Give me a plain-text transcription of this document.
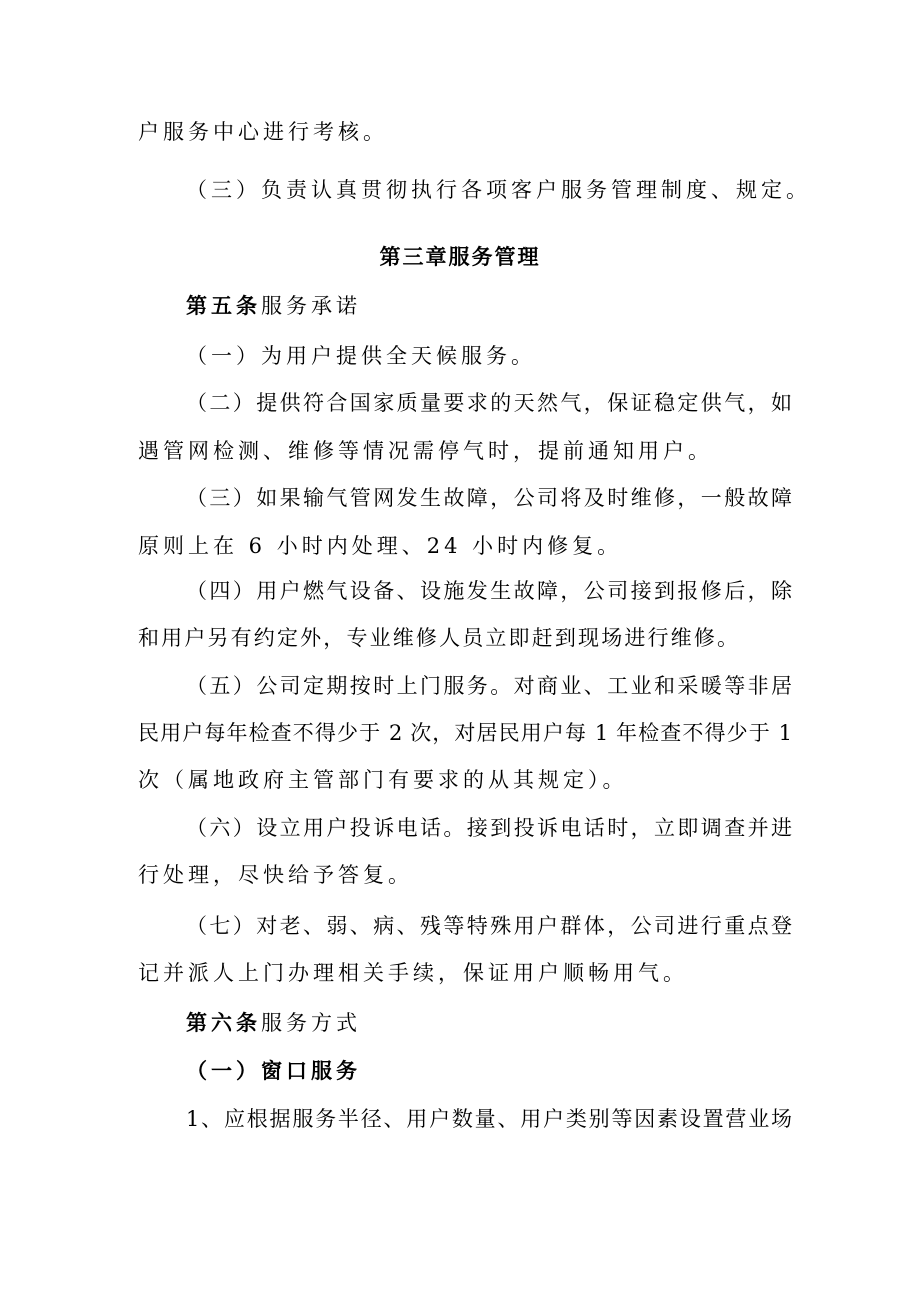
户服务中心进行考核。
（三）负责认真贯彻执行各项客户服务管理制度、规定。
第三章服务管理
第五条服务承诺
（一）为用户提供全天候服务。
（二）提供符合国家质量要求的天然气，保证稳定供气，如
遇管网检测、维修等情况需停气时，提前通知用户。
（三）如果输气管网发生故障，公司将及时维修，一般故障
原则上在 6 小时内处理、24 小时内修复。
（四）用户燃气设备、设施发生故障，公司接到报修后，除
和用户另有约定外，专业维修人员立即赶到现场进行维修。
（五）公司定期按时上门服务。对商业、工业和采暖等非居
民用户每年检查不得少于 2 次，对居民用户每 1 年检查不得少于 1
次（属地政府主管部门有要求的从其规定）。
（六）设立用户投诉电话。接到投诉电话时，立即调查并进
行处理，尽快给予答复。
（七）对老、弱、病、残等特殊用户群体，公司进行重点登
记并派人上门办理相关手续，保证用户顺畅用气。
第六条服务方式
（一）窗口服务
1、应根据服务半径、用户数量、用户类别等因素设置营业场
